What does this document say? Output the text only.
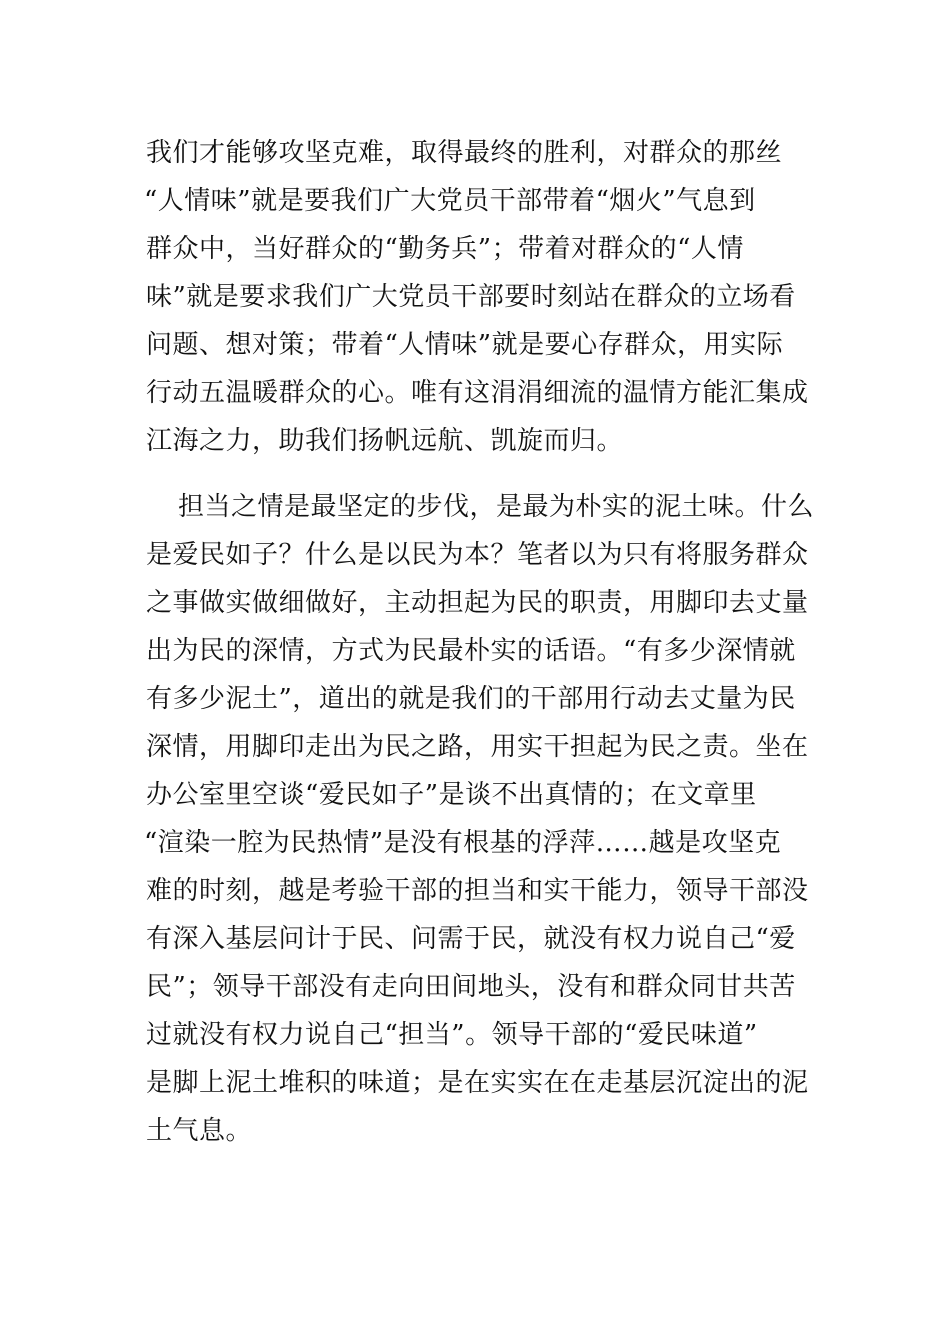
我们才能够攻坚克难，取得最终的胜利，对群众的那丝
“人情味”就是要我们广大党员干部带着“烟火”气息到
群众中，当好群众的“勤务兵”；带着对群众的“人情
味”就是要求我们广大党员干部要时刻站在群众的立场看
问题、想对策；带着“人情味”就是要心存群众，用实际
行动五温暖群众的心。唯有这涓涓细流的温情方能汇集成
江海之力，助我们扬帆远航、凯旋而归。
担当之情是最坚定的步伐，是最为朴实的泥土味。什么
是爱民如子？什么是以民为本？笔者以为只有将服务群众
之事做实做细做好，主动担起为民的职责，用脚印去丈量
出为民的深情，方式为民最朴实的话语。“有多少深情就
有多少泥土”，道出的就是我们的干部用行动去丈量为民
深情，用脚印走出为民之路，用实干担起为民之责。坐在
办公室里空谈“爱民如子”是谈不出真情的；在文章里
“渲染一腔为民热情”是没有根基的浮萍……越是攻坚克
难的时刻，越是考验干部的担当和实干能力，领导干部没
有深入基层问计于民、问需于民，就没有权力说自己“爱
民”；领导干部没有走向田间地头，没有和群众同甘共苦
过就没有权力说自己“担当”。领导干部的“爱民味道”
是脚上泥土堆积的味道；是在实实在在走基层沉淀出的泥
土气息。
